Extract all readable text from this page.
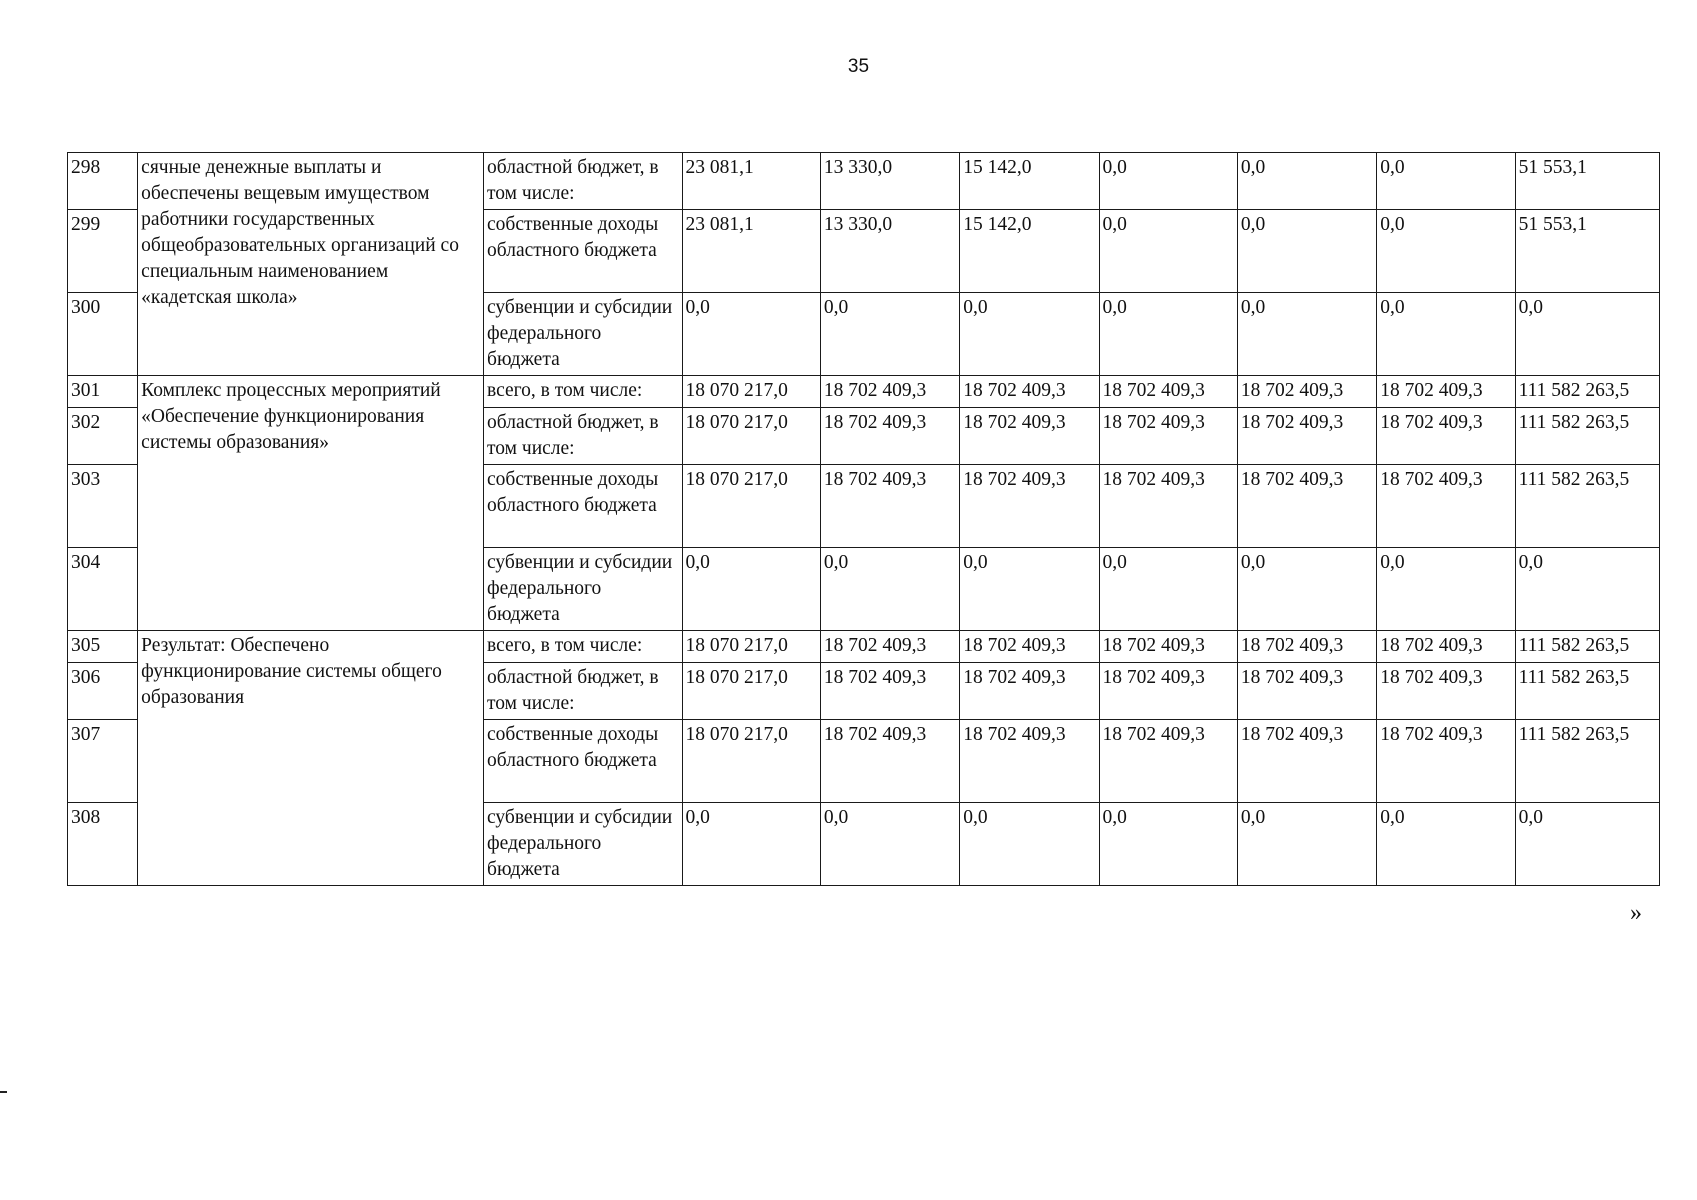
35
298	сячные денежные выплаты и обеспечены вещевым имуществом работники государственных общеобразовательных организаций со специальным наименованием «кадетская школа»	областной бюджет, в том числе:	23 081,1	13 330,0	15 142,0	0,0	0,0	0,0	51 553,1
299		собственные доходы областного бюджета	23 081,1	13 330,0	15 142,0	0,0	0,0	0,0	51 553,1
300		субвенции и субсидии федерального бюджета	0,0	0,0	0,0	0,0	0,0	0,0	0,0
301	Комплекс процессных мероприятий «Обеспечение функционирования системы образования»	всего, в том числе:	18 070 217,0	18 702 409,3	18 702 409,3	18 702 409,3	18 702 409,3	18 702 409,3	111 582 263,5
302		областной бюджет, в том числе:	18 070 217,0	18 702 409,3	18 702 409,3	18 702 409,3	18 702 409,3	18 702 409,3	111 582 263,5
303		собственные доходы областного бюджета	18 070 217,0	18 702 409,3	18 702 409,3	18 702 409,3	18 702 409,3	18 702 409,3	111 582 263,5
304		субвенции и субсидии федерального бюджета	0,0	0,0	0,0	0,0	0,0	0,0	0,0
305	Результат: Обеспечено функционирование системы общего образования	всего, в том числе:	18 070 217,0	18 702 409,3	18 702 409,3	18 702 409,3	18 702 409,3	18 702 409,3	111 582 263,5
306		областной бюджет, в том числе:	18 070 217,0	18 702 409,3	18 702 409,3	18 702 409,3	18 702 409,3	18 702 409,3	111 582 263,5
307		собственные доходы областного бюджета	18 070 217,0	18 702 409,3	18 702 409,3	18 702 409,3	18 702 409,3	18 702 409,3	111 582 263,5
308		субвенции и субсидии федерального бюджета	0,0	0,0	0,0	0,0	0,0	0,0	0,0
»
